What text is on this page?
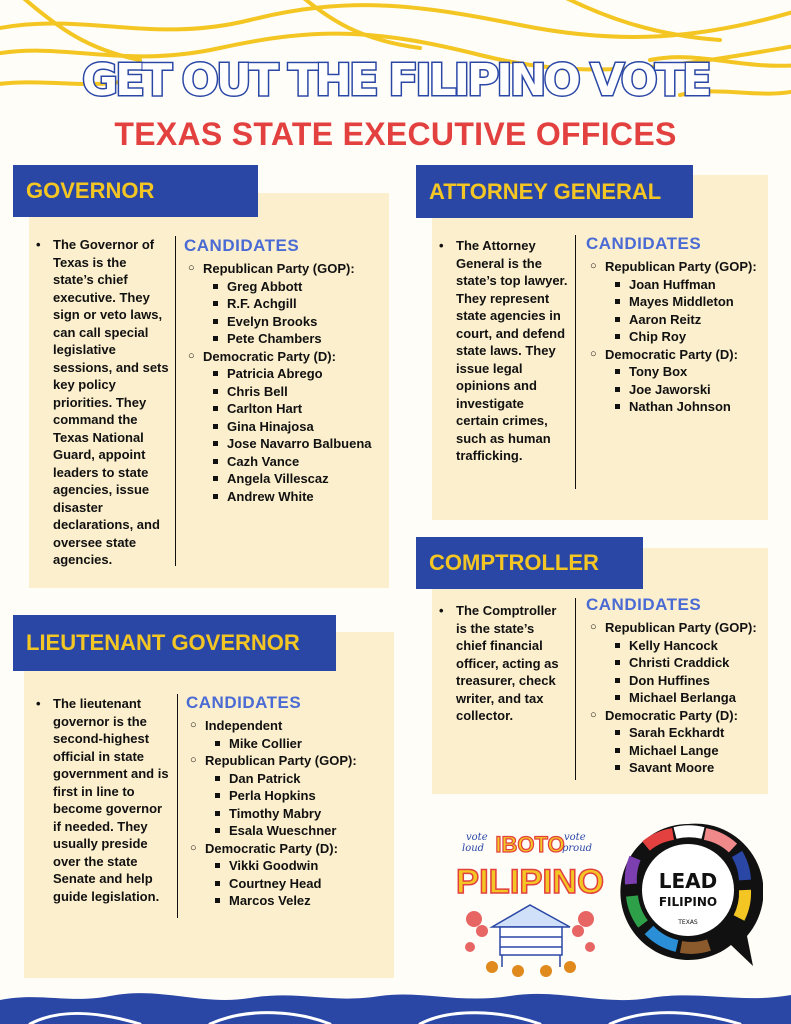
GET OUT THE FILIPINO VOTE
TEXAS STATE EXECUTIVE OFFICES
GOVERNOR
• The Governor of Texas is the state’s chief executive. They sign or veto laws, can call special legislative sessions, and sets key policy priorities. They command the Texas National Guard, appoint leaders to state agencies, issue disaster declarations, and oversee state agencies.
CANDIDATES
○ Republican Party (GOP):
Greg Abbott
R.F. Achgill
Evelyn Brooks
Pete Chambers
○ Democratic Party (D):
Patricia Abrego
Chris Bell
Carlton Hart
Gina Hinajosa
Jose Navarro Balbuena
Cazh Vance
Angela Villescaz
Andrew White
ATTORNEY GENERAL
• The Attorney General is the state’s top lawyer. They represent state agencies in court, and defend state laws. They issue legal opinions and investigate certain crimes, such as human trafficking.
CANDIDATES
○ Republican Party (GOP):
Joan Huffman
Mayes Middleton
Aaron Reitz
Chip Roy
○ Democratic Party (D):
Tony Box
Joe Jaworski
Nathan Johnson
COMPTROLLER
• The Comptroller is the state’s chief financial officer, acting as treasurer, check writer, and tax collector.
CANDIDATES
○ Republican Party (GOP):
Kelly Hancock
Christi Craddick
Don Huffines
Michael Berlanga
○ Democratic Party (D):
Sarah Eckhardt
Michael Lange
Savant Moore
LIEUTENANT GOVERNOR
• The lieutenant governor is the second-highest official in state government and is first in line to become governor if needed. They usually preside over the state Senate and help guide legislation.
CANDIDATES
○ Independent
Mike Collier
○ Republican Party (GOP):
Dan Patrick
Perla Hopkins
Timothy Mabry
Esala Wueschner
○ Democratic Party (D):
Vikki Goodwin
Courtney Head
Marcos Velez
vote
loud
vote
proud
IBOTO
PILIPINO	LEAD
FILIPINO
TEXAS
